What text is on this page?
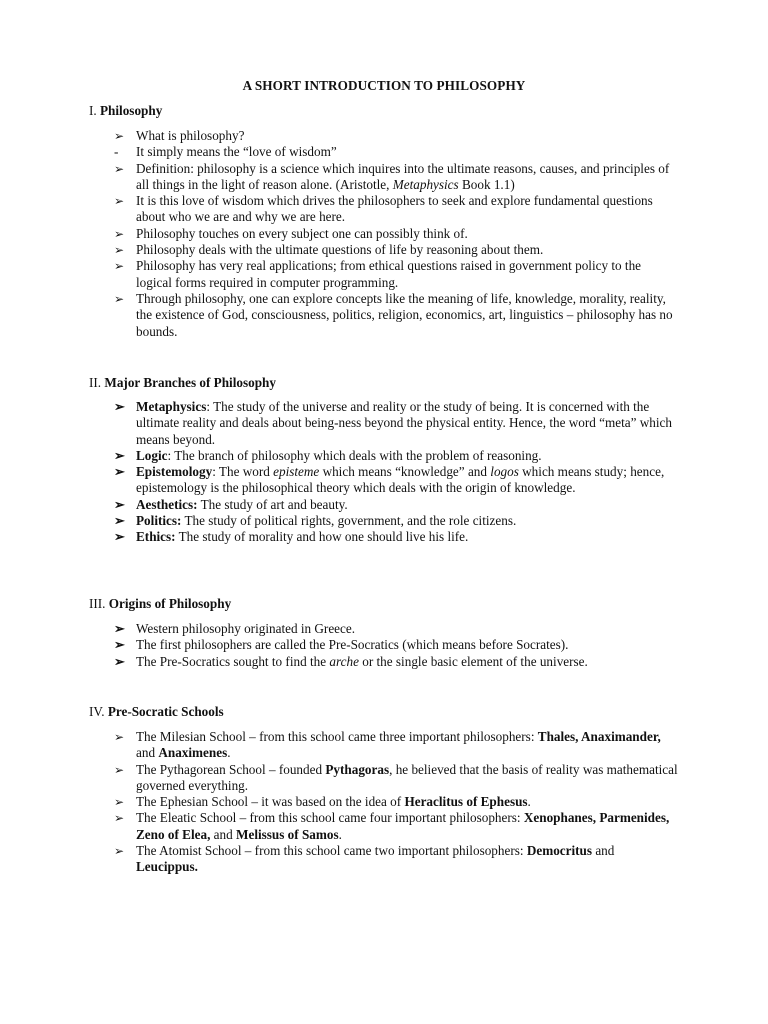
A SHORT INTRODUCTION TO PHILOSOPHY
I. Philosophy
➢ What is philosophy?
- It simply means the “love of wisdom”
➢ Definition: philosophy is a science which inquires into the ultimate reasons, causes, and principles of all things in the light of reason alone. (Aristotle, Metaphysics Book 1.1)
➢ It is this love of wisdom which drives the philosophers to seek and explore fundamental questions about who we are and why we are here.
➢ Philosophy touches on every subject one can possibly think of.
➢ Philosophy deals with the ultimate questions of life by reasoning about them.
➢ Philosophy has very real applications; from ethical questions raised in government policy to the logical forms required in computer programming.
➢ Through philosophy, one can explore concepts like the meaning of life, knowledge, morality, reality, the existence of God, consciousness, politics, religion, economics, art, linguistics – philosophy has no bounds.
II. Major Branches of Philosophy
➢ Metaphysics: The study of the universe and reality or the study of being. It is concerned with the ultimate reality and deals about being-ness beyond the physical entity. Hence, the word “meta” which means beyond.
➢ Logic: The branch of philosophy which deals with the problem of reasoning.
➢ Epistemology: The word episteme which means “knowledge” and logos which means study; hence, epistemology is the philosophical theory which deals with the origin of knowledge.
➢ Aesthetics: The study of art and beauty.
➢ Politics: The study of political rights, government, and the role citizens.
➢ Ethics: The study of morality and how one should live his life.
III. Origins of Philosophy
➢ Western philosophy originated in Greece.
➢ The first philosophers are called the Pre-Socratics (which means before Socrates).
➢ The Pre-Socratics sought to find the arche or the single basic element of the universe.
IV. Pre-Socratic Schools
➢ The Milesian School – from this school came three important philosophers: Thales, Anaximander, and Anaximenes.
➢ The Pythagorean School – founded Pythagoras, he believed that the basis of reality was mathematical governed everything.
➢ The Ephesian School – it was based on the idea of Heraclitus of Ephesus.
➢ The Eleatic School – from this school came four important philosophers: Xenophanes, Parmenides, Zeno of Elea, and Melissus of Samos.
➢ The Atomist School – from this school came two important philosophers: Democritus and Leucippus.
